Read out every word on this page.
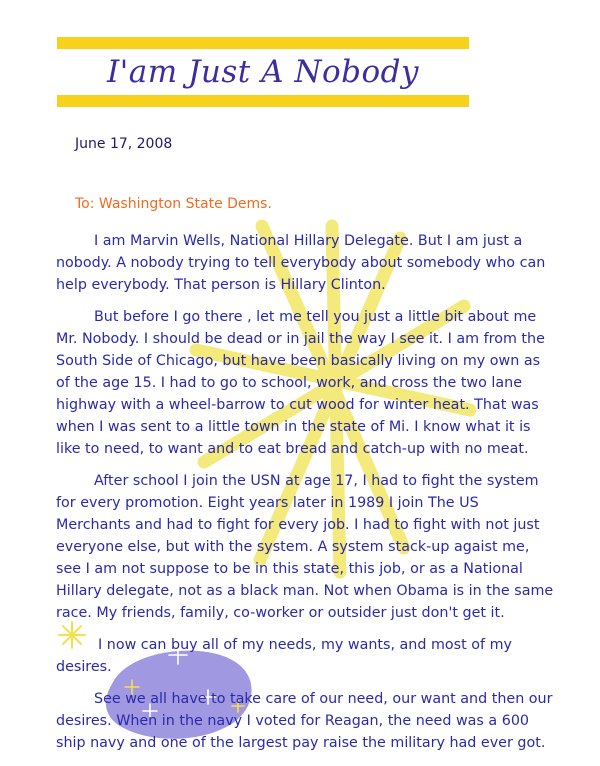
I'am Just A Nobody
June 17, 2008
To: Washington State Dems.

I am Marvin Wells, National Hillary Delegate. But I am just a nobody. A nobody trying to tell everybody about somebody who can help everybody. That person is Hillary Clinton.

But before I go there , let me tell you just a little bit about me Mr. Nobody. I should be dead or in jail the way I see it. I am from the South Side of Chicago, but have been basically living on my own as of the age 15. I had to go to school, work, and cross the two lane highway with a wheel-barrow to cut wood for winter heat. That was when I was sent to a little town in the state of Mi. I know what it is like to need, to want and to eat bread and catch-up with no meat.

After school I join the USN at age 17, I had to fight the system for every promotion. Eight years later in 1989 I join The US Merchants and had to fight for every job. I had to fight with not just everyone else, but with the system. A system stack-up agaist me, see I am not suppose to be in this state, this job, or as a National Hillary delegate, not as a black man. Not when Obama is in the same race. My friends, family, co-worker or outsider just don't get it.

I now can buy all of my needs, my wants, and most of my desires.

See we all have to take care of our need, our want and then our desires. When in the navy I voted for Reagan, the need was a 600 ship navy and one of the largest pay raise the military had ever got.
